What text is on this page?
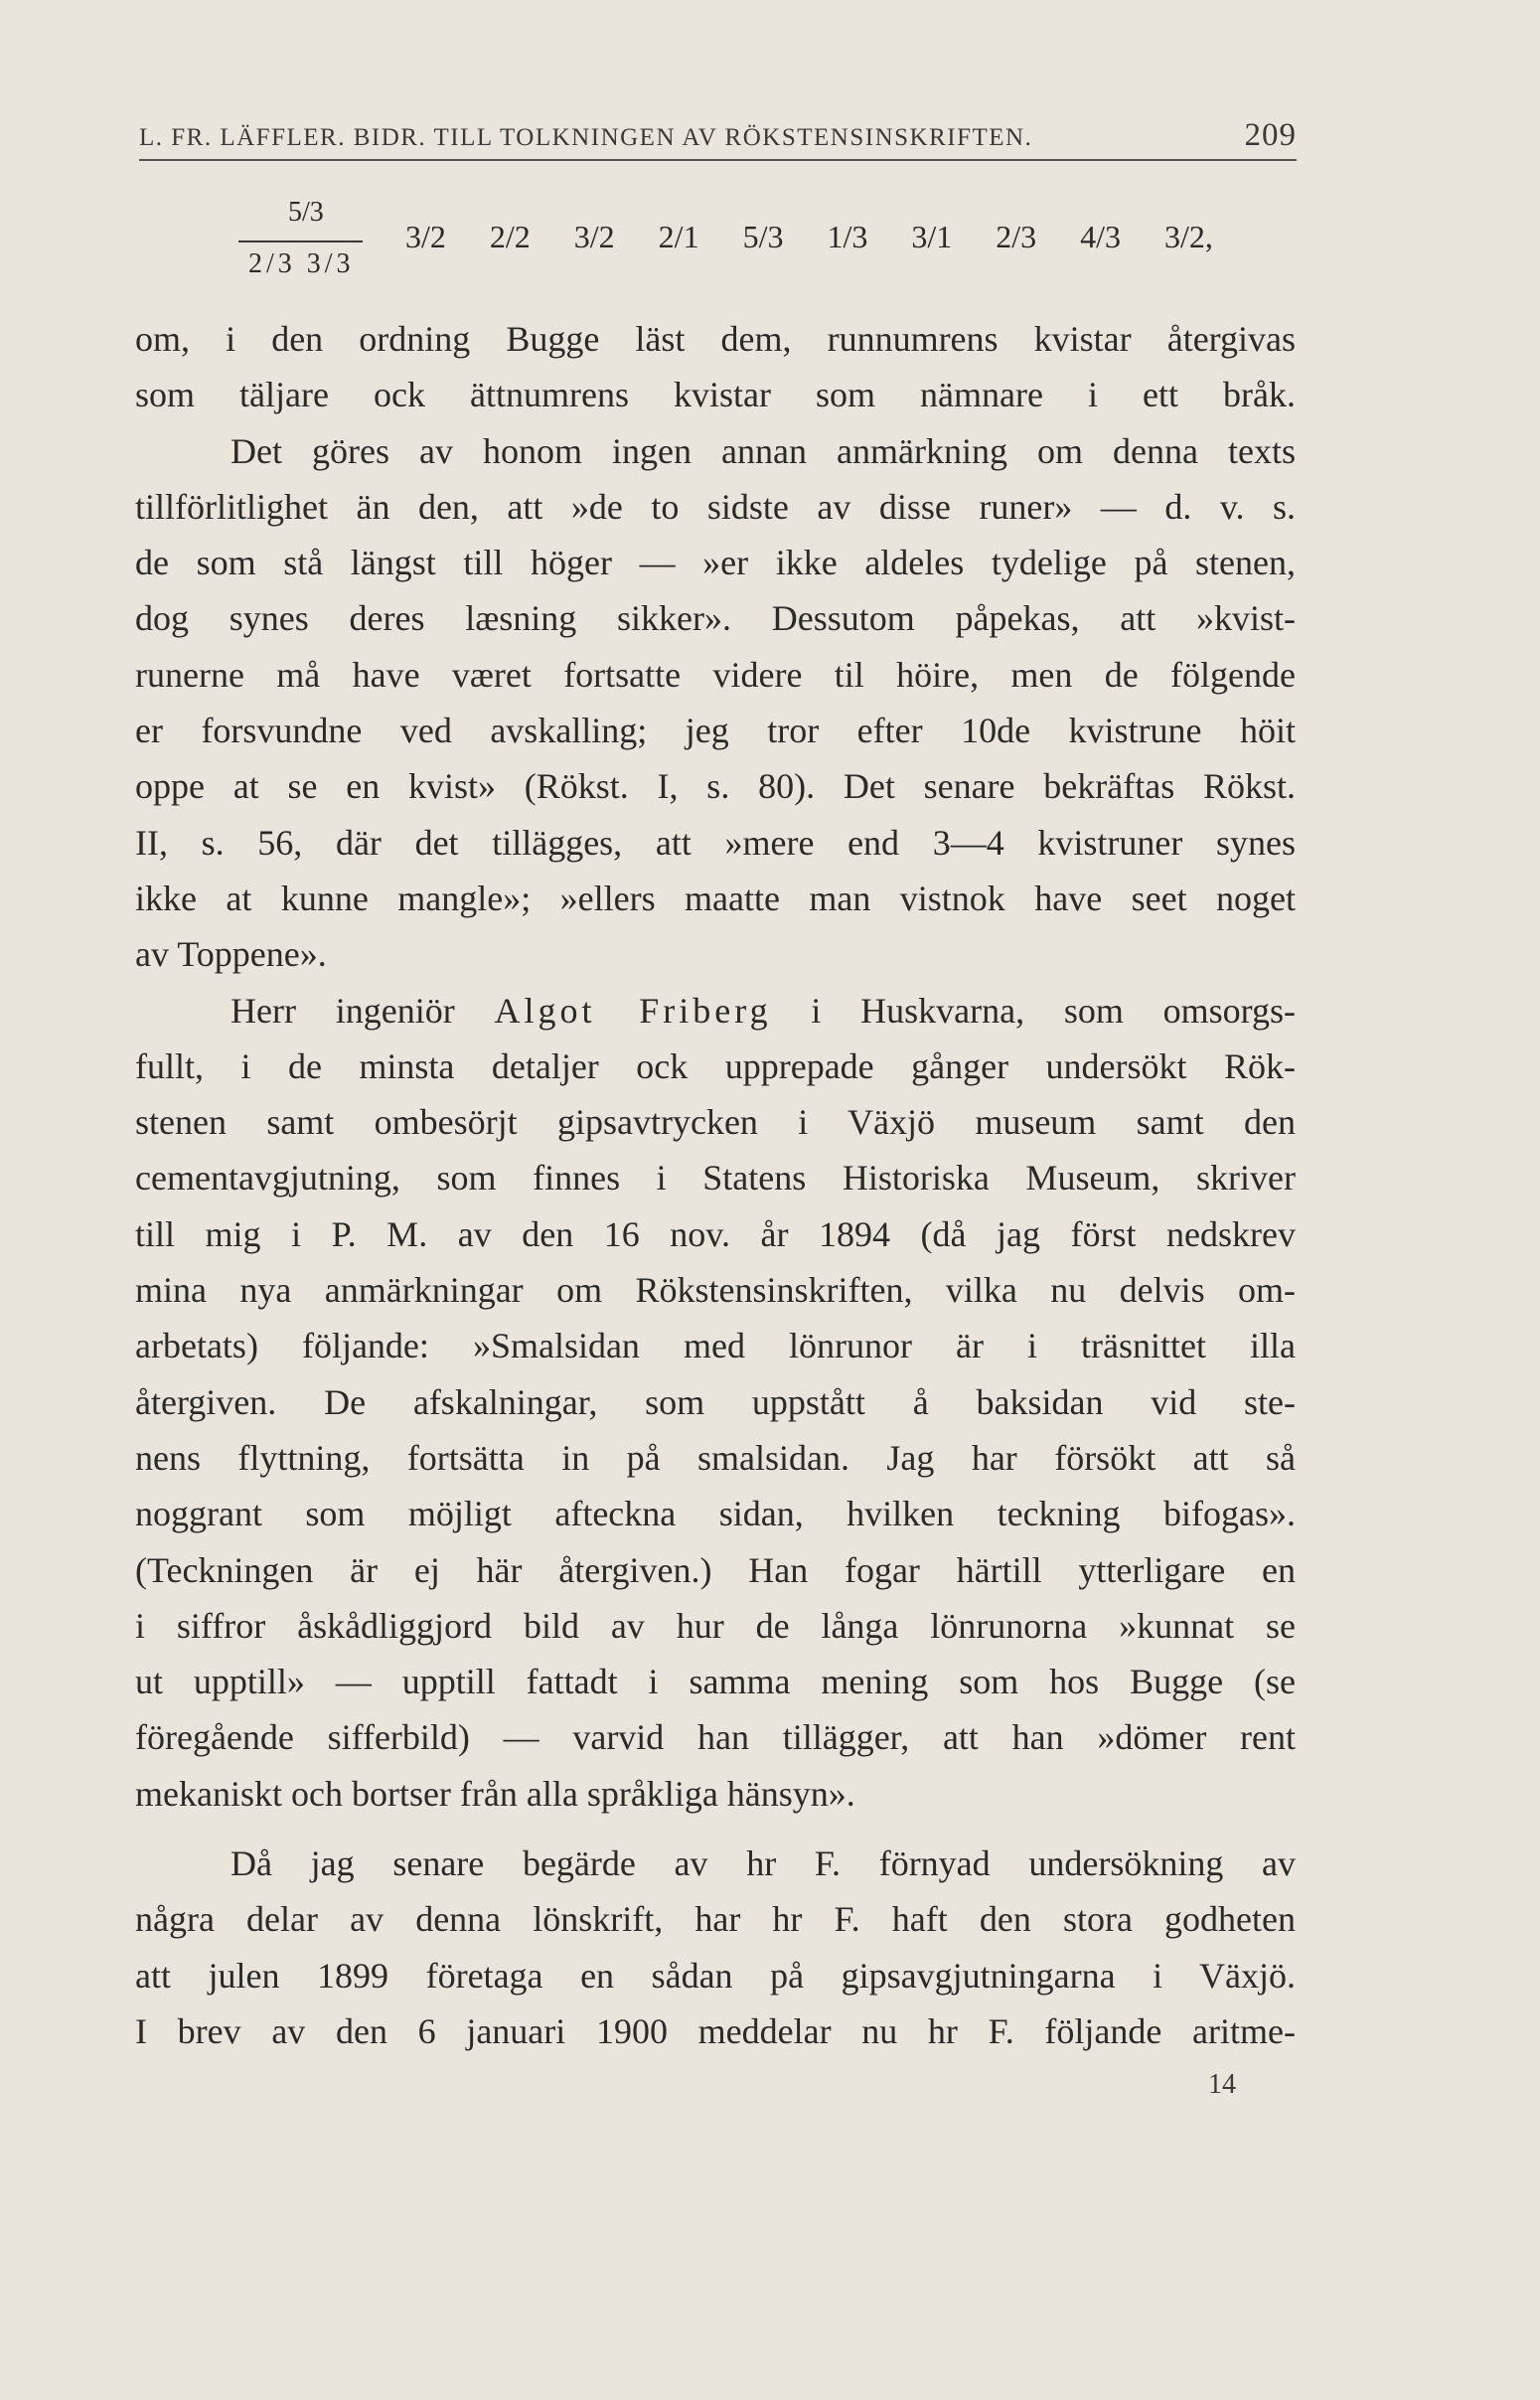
L. FR. LÄFFLER. BIDR. TILL TOLKNINGEN AV RÖKSTENSINSKRIFTEN.	209
5/3
2/3 3/3
3/2 2/2 3/2 2/1 5/3 1/3 3/1 2/3 4/3 3/2,

om, i den ordning Bugge läst dem, runnumrens kvistar återgivas

som täljare ock ättnumrens kvistar som nämnare i ett bråk.

Det göres av honom ingen annan anmärkning om denna texts

tillförlitlighet än den, att »de to sidste av disse runer» — d. v. s.

de som stå längst till höger — »er ikke aldeles tydelige på stenen,

dog synes deres læsning sikker». Dessutom påpekas, att »kvist-

runerne må have været fortsatte videre til höire, men de fölgende

er forsvundne ved avskalling; jeg tror efter 10de kvistrune höit

oppe at se en kvist» (Rökst. I, s. 80). Det senare bekräftas Rökst.

II, s. 56, där det tillägges, att »mere end 3—4 kvistruner synes

ikke at kunne mangle»; »ellers maatte man vistnok have seet noget

av Toppene».

Herr ingeniör Algot Friberg i Huskvarna, som omsorgs-

fullt, i de minsta detaljer ock upprepade gånger undersökt Rök-

stenen samt ombesörjt gipsavtrycken i Växjö museum samt den

cementavgjutning, som finnes i Statens Historiska Museum, skriver

till mig i P. M. av den 16 nov. år 1894 (då jag först nedskrev

mina nya anmärkningar om Rökstensinskriften, vilka nu delvis om-

arbetats) följande: »Smalsidan med lönrunor är i träsnittet illa

återgiven. De afskalningar, som uppstått å baksidan vid ste-

nens flyttning, fortsätta in på smalsidan. Jag har försökt att så

noggrant som möjligt afteckna sidan, hvilken teckning bifogas».

(Teckningen är ej här återgiven.) Han fogar härtill ytterligare en

i siffror åskådliggjord bild av hur de långa lönrunorna »kunnat se

ut upptill» — upptill fattadt i samma mening som hos Bugge (se

föregående sifferbild) — varvid han tillägger, att han »dömer rent

mekaniskt och bortser från alla språkliga hänsyn».

Då jag senare begärde av hr F. förnyad undersökning av

några delar av denna lönskrift, har hr F. haft den stora godheten

att julen 1899 företaga en sådan på gipsavgjutningarna i Växjö.

I brev av den 6 januari 1900 meddelar nu hr F. följande aritme-

14
